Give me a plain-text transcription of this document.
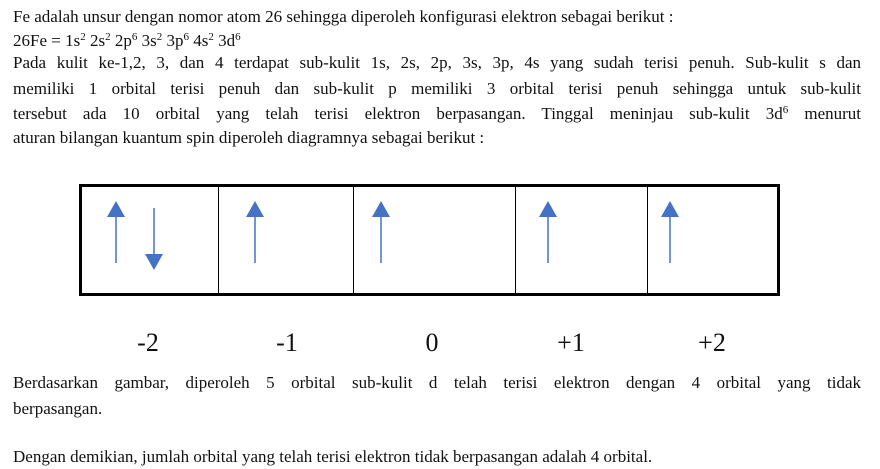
Fe adalah unsur dengan nomor atom 26 sehingga diperoleh konfigurasi elektron sebagai berikut :
$26Fe = 1s^2$ $2s^2$ $2p^6$ $3s^2$ $3p^6$ $4s^2$ $3d^6$
Pada kulit ke-1,2, 3, dan 4 terdapat sub-kulit 1s, 2s, 2p, 3s, 3p, 4s yang sudah terisi penuh. Sub-kulit s dan
memiliki 1 orbital terisi penuh dan sub-kulit p memiliki 3 orbital terisi penuh sehingga untuk sub-kulit
tersebut ada 10 orbital yang telah terisi elektron berpasangan. Tinggal meninjau sub-kulit $3d^6$ menurut
aturan bilangan kuantum spin diperoleh diagramnya sebagai berikut :
-2	-1	0	+1	+2
Berdasarkan gambar, diperoleh 5 orbital sub-kulit d telah terisi elektron dengan 4 orbital yang tidak
berpasangan.
Dengan demikian, jumlah orbital yang telah terisi elektron tidak berpasangan adalah 4 orbital.
